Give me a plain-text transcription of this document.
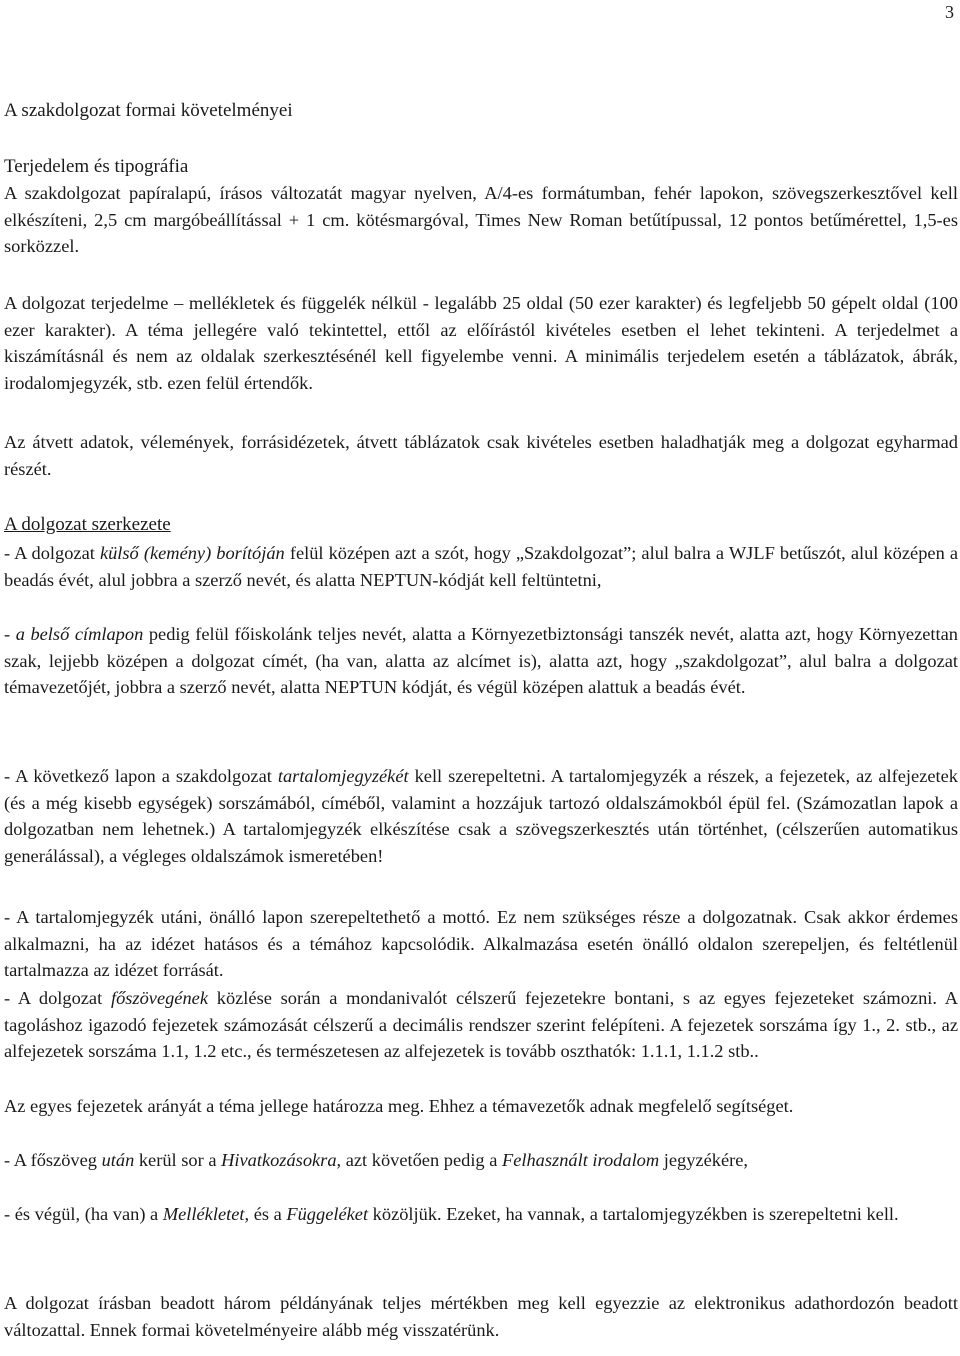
3
A szakdolgozat formai követelményei
Terjedelem és tipográfia
A szakdolgozat papíralapú, írásos változatát magyar nyelven, A/4-es formátumban, fehér lapokon, szövegszerkesztővel kell elkészíteni, 2,5 cm margóbeállítással + 1 cm. kötésmargóval, Times New Roman betűtípussal, 12 pontos betűmérettel, 1,5-es sorközzel.
A dolgozat terjedelme – mellékletek és függelék nélkül - legalább 25 oldal (50 ezer karakter) és legfeljebb 50 gépelt oldal (100 ezer karakter). A téma jellegére való tekintettel, ettől az előírástól kivételes esetben el lehet tekinteni. A terjedelmet a kiszámításnál és nem az oldalak szerkesztésénél kell figyelembe venni. A minimális terjedelem esetén a táblázatok, ábrák, irodalomjegyzék, stb. ezen felül értendők.
Az átvett adatok, vélemények, forrásidézetek, átvett táblázatok csak kivételes esetben haladhatják meg a dolgozat egyharmad részét.
A dolgozat szerkezete
- A dolgozat külső (kemény) borítóján felül középen azt a szót, hogy „Szakdolgozat”; alul balra a WJLF betűszót, alul középen a beadás évét, alul jobbra a szerző nevét, és alatta NEPTUN-kódját kell feltüntetni,
- a belső címlapon pedig felül főiskolánk teljes nevét, alatta a Környezetbiztonsági tanszék nevét, alatta azt, hogy Környezettan szak, lejjebb középen a dolgozat címét, (ha van, alatta az alcímet is), alatta azt, hogy „szakdolgozat”, alul balra a dolgozat témavezetőjét, jobbra a szerző nevét, alatta NEPTUN kódját, és végül középen alattuk a beadás évét.
- A következő lapon a szakdolgozat tartalomjegyzékét kell szerepeltetni. A tartalomjegyzék a részek, a fejezetek, az alfejezetek (és a még kisebb egységek) sorszámából, címéből, valamint a hozzájuk tartozó oldalszámokból épül fel. (Számozatlan lapok a dolgozatban nem lehetnek.) A tartalomjegyzék elkészítése csak a szövegszerkesztés után történhet, (célszerűen automatikus generálással), a végleges oldalszámok ismeretében!
- A tartalomjegyzék utáni, önálló lapon szerepeltethető a mottó. Ez nem szükséges része a dolgozatnak. Csak akkor érdemes alkalmazni, ha az idézet hatásos és a témához kapcsolódik. Alkalmazása esetén önálló oldalon szerepeljen, és feltétlenül tartalmazza az idézet forrását.
- A dolgozat főszövegének közlése során a mondanivalót célszerű fejezetekre bontani, s az egyes fejezeteket számozni. A tagoláshoz igazodó fejezetek számozását célszerű a decimális rendszer szerint felépíteni. A fejezetek sorszáma így 1., 2. stb., az alfejezetek sorszáma 1.1, 1.2 etc., és természetesen az alfejezetek is tovább oszthatók: 1.1.1, 1.1.2 stb..
Az egyes fejezetek arányát a téma jellege határozza meg. Ehhez a témavezetők adnak megfelelő segítséget.
- A főszöveg után kerül sor a Hivatkozásokra, azt követően pedig a Felhasznált irodalom jegyzékére,
- és végül, (ha van) a Mellékletet, és a Függeléket közöljük. Ezeket, ha vannak, a tartalomjegyzékben is szerepeltetni kell.
A dolgozat írásban beadott három példányának teljes mértékben meg kell egyezzie az elektronikus adathordozón beadott változattal. Ennek formai követelményeire alább még visszatérünk.
